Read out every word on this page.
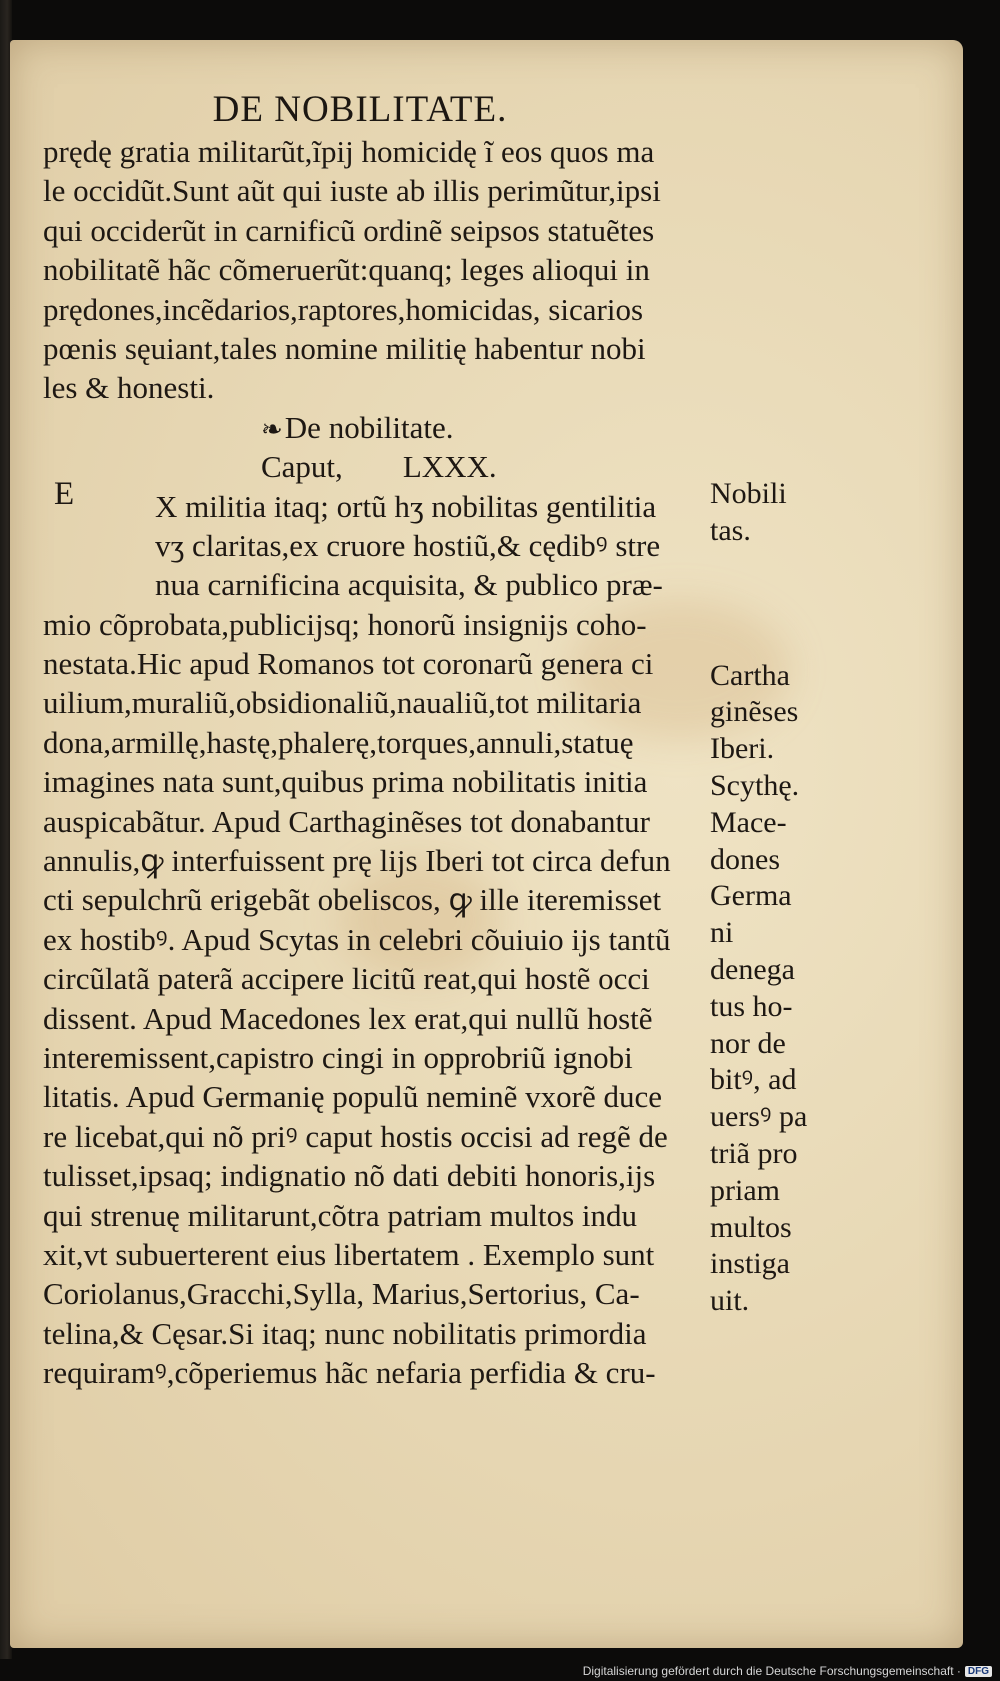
DE NOBILITATE.
prędę gratia militarũt,ĩpij homicidę ĩ eos quos ma
le occidũt.Sunt aũt qui iuste ab illis perimũtur,ipsi
qui occiderũt in carnificũ ordinẽ seipsos statuẽtes
nobilitatẽ hãc cõmeruerũt:quanq; leges alioqui in
prędones,incẽdarios,raptores,homicidas, sicarios
pœnis sęuiant,tales nomine militię habentur nobi
les & honesti.
❧De nobilitate.
Caput, LXXX.
X militia itaq; ortũ hʒ nobilitas gentilitia
vʒ claritas,ex cruore hostiũ,& cędibꝰ stre
nua carnificina acquisita, & publico præ-
mio cõprobata,publicijsq; honorũ insignijs coho-
nestata.Hic apud Romanos tot coronarũ genera ci
uilium,muraliũ,obsidionaliũ,naualiũ,tot militaria
dona,armillę,hastę,phalerę,torques,annuli,statuę
imagines nata sunt,quibus prima nobilitatis initia
auspicabãtur. Apud Carthaginẽses tot donabantur
annulis,ꝙ interfuissent prę lijs Iberi tot circa defun
cti sepulchrũ erigebãt obeliscos, ꝙ ille iteremisset
ex hostibꝰ. Apud Scytas in celebri cõuiuio ijs tantũ
circũlatã paterã accipere licitũ reat,qui hostẽ occi
dissent. Apud Macedones lex erat,qui nullũ hostẽ
interemissent,capistro cingi in opprobriũ ignobi
litatis. Apud Germanię populũ neminẽ vxorẽ duce
re licebat,qui nõ priꝰ caput hostis occisi ad regẽ de
tulisset,ipsaq; indignatio nõ dati debiti honoris,ijs
qui strenuę militarunt,cõtra patriam multos indu
xit,vt subuerterent eius libertatem . Exemplo sunt
Coriolanus,Gracchi,Sylla, Marius,Sertorius, Ca-
telina,& Cęsar.Si itaq; nunc nobilitatis primordia
requiramꝰ,cõperiemus hãc nefaria perfidia & cru-
E	Nobili
tas.
Cartha
ginẽses
Iberi.
Scythę.
Mace-
dones
Germa
ni
denega
tus ho-
nor de
bitꝰ, ad
uersꝰ pa
triã pro
priam
multos
instiga
uit.
Digitalisierung gefördert durch die Deutsche Forschungsgemeinschaft · DFG
